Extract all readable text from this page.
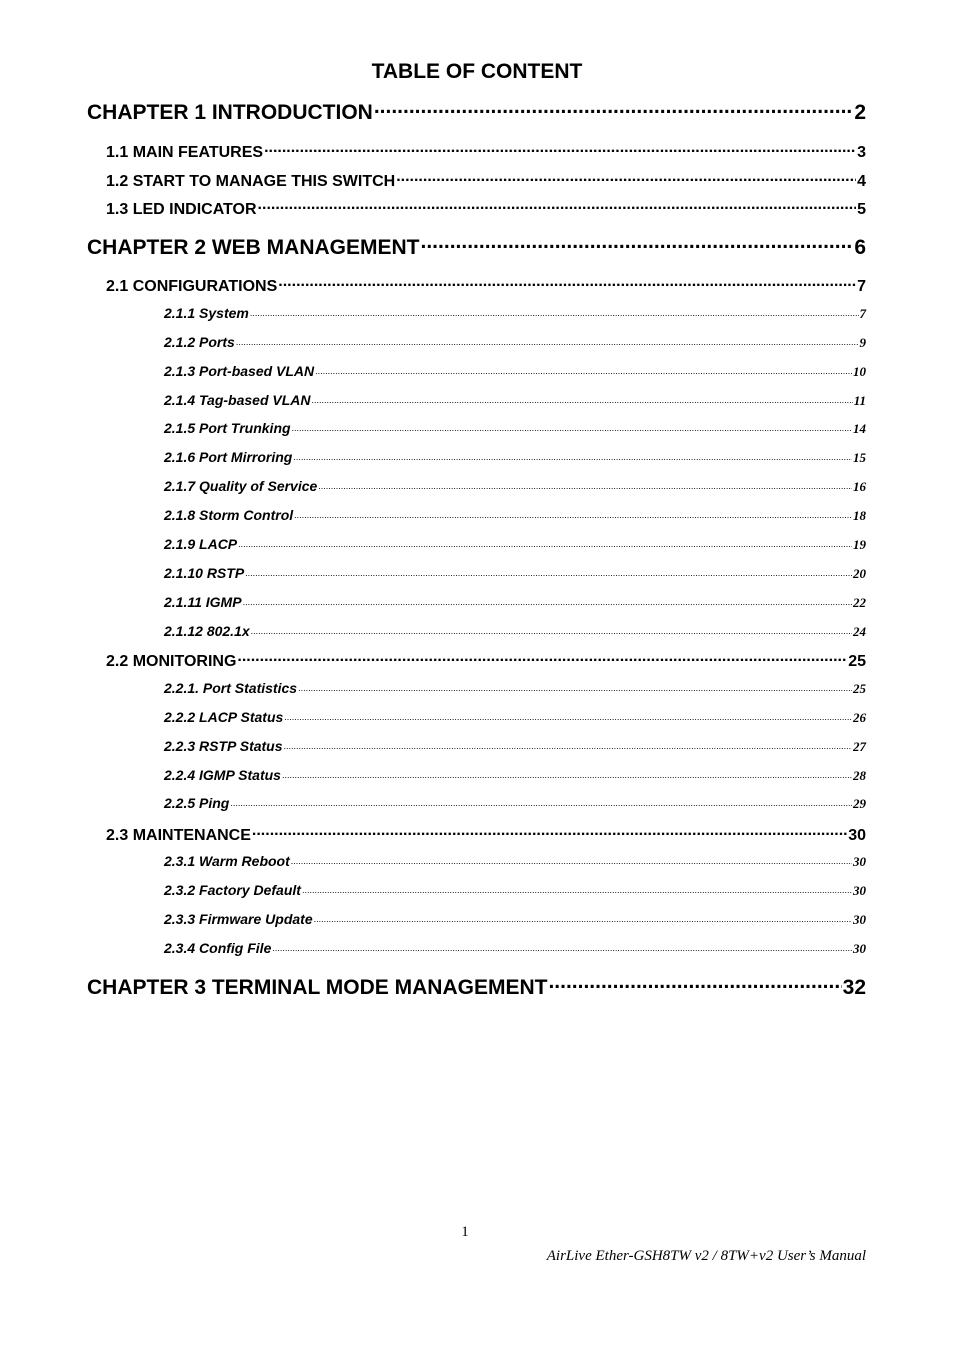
TABLE OF CONTENT
CHAPTER 1 INTRODUCTION .....	2
1.1 MAIN FEATURES .....	3
1.2 START TO MANAGE THIS SWITCH .....	4
1.3 LED INDICATOR .....	5
CHAPTER 2 WEB MANAGEMENT .....	6
2.1 CONFIGURATIONS .....	7
2.1.1 System .....	7
2.1.2 Ports .....	9
2.1.3 Port-based VLAN .....	10
2.1.4 Tag-based VLAN .....	11
2.1.5 Port Trunking .....	14
2.1.6 Port Mirroring .....	15
2.1.7 Quality of Service .....	16
2.1.8 Storm Control .....	18
2.1.9 LACP .....	19
2.1.10 RSTP .....	20
2.1.11 IGMP .....	22
2.1.12 802.1x .....	24
2.2 MONITORING .....	25
2.2.1. Port Statistics .....	25
2.2.2 LACP Status .....	26
2.2.3 RSTP Status .....	27
2.2.4 IGMP Status .....	28
2.2.5 Ping .....	29
2.3 MAINTENANCE .....	30
2.3.1 Warm Reboot .....	30
2.3.2 Factory Default .....	30
2.3.3 Firmware Update .....	30
2.3.4 Config File .....	30
CHAPTER 3 TERMINAL MODE MANAGEMENT .....	32
1
AirLive Ether-GSH8TW v2 / 8TW+v2 User’s Manual
